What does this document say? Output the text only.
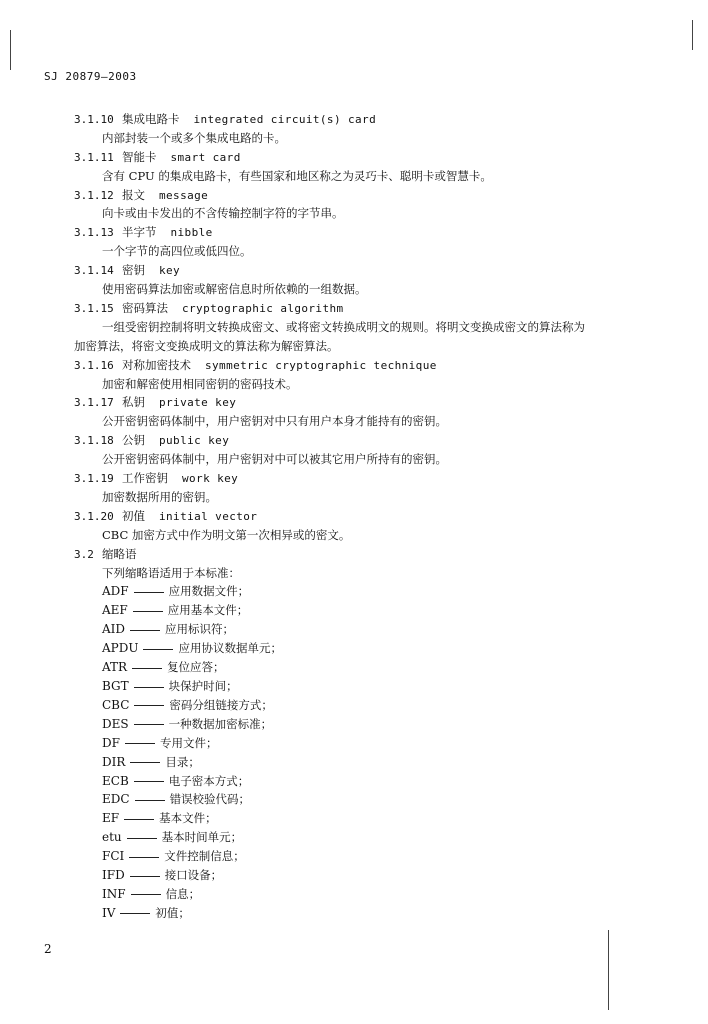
SJ 20879—2003
3.1.10 集成电路卡 integrated circuit(s) card
内部封装一个或多个集成电路的卡。
3.1.11 智能卡 smart card
含有 CPU 的集成电路卡，有些国家和地区称之为灵巧卡、聪明卡或智慧卡。
3.1.12 报文 message
向卡或由卡发出的不含传输控制字符的字节串。
3.1.13 半字节 nibble
一个字节的高四位或低四位。
3.1.14 密钥 key
使用密码算法加密或解密信息时所依赖的一组数据。
3.1.15 密码算法 cryptographic algorithm
一组受密钥控制将明文转换成密文、或将密文转换成明文的规则。将明文变换成密文的算法称为
加密算法，将密文变换成明文的算法称为解密算法。
3.1.16 对称加密技术 symmetric cryptographic technique
加密和解密使用相同密钥的密码技术。
3.1.17 私钥 private key
公开密钥密码体制中，用户密钥对中只有用户本身才能持有的密钥。
3.1.18 公钥 public key
公开密钥密码体制中，用户密钥对中可以被其它用户所持有的密钥。
3.1.19 工作密钥 work key
加密数据所用的密钥。
3.1.20 初值 initial vector
CBC 加密方式中作为明文第一次相异或的密文。
3.2 缩略语
下列缩略语适用于本标准：
ADF	应用数据文件；
AEF	应用基本文件；
AID	应用标识符；
APDU	应用协议数据单元；
ATR	复位应答；
BGT	块保护时间；
CBC	密码分组链接方式；
DES	一种数据加密标准；
DF	专用文件；
DIR	目录；
ECB	电子密本方式；
EDC	错误校验代码；
EF	基本文件；
etu	基本时间单元；
FCI	文件控制信息；
IFD	接口设备；
INF	信息；
IV	初值；
2
